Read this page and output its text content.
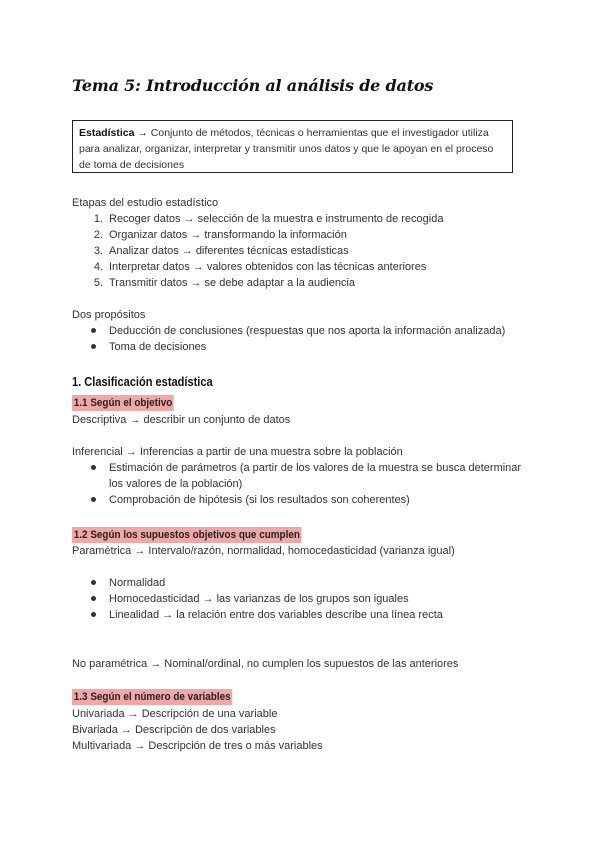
Tema 5: Introducción al análisis de datos
Estadística → Conjunto de métodos, técnicas o herramientas que el investigador utiliza para analizar, organizar, interpretar y transmitir unos datos y que le apoyan en el proceso de toma de decisiones

Etapas del estudio estadístico

1. Recoger datos → selección de la muestra e instrumento de recogida
2. Organizar datos → transformando la información
3. Analizar datos → diferentes técnicas estadísticas
4. Interpretar datos → valores obtenidos con las técnicas anteriores
5. Transmitir datos → se debe adaptar a la audiencia

Dos propósitos

Deducción de conclusiones (respuestas que nos aporta la información analizada)
Toma de decisiones
1. Clasificación estadística
1.1 Según el objetivo

Descriptiva → describir un conjunto de datos

Inferencial → Inferencias a partir de una muestra sobre la población

Estimación de parámetros (a partir de los valores de la muestra se busca determinar los valores de la población)
Comprobación de hipótesis (si los resultados son coherentes)
1.2 Según los supuestos objetivos que cumplen

Paramétrica → Intervalo/razón, normalidad, homocedasticidad (varianza igual)

Normalidad
Homocedasticidad → las varianzas de los grupos son iguales
Linealidad → la relación entre dos variables describe una línea recta

No paramétrica → Nominal/ordinal, no cumplen los supuestos de las anteriores

1.3 Según el número de variables

Univariada → Descripción de una variable

Bivariada → Descripción de dos variables

Multivariada → Descripción de tres o más variables
